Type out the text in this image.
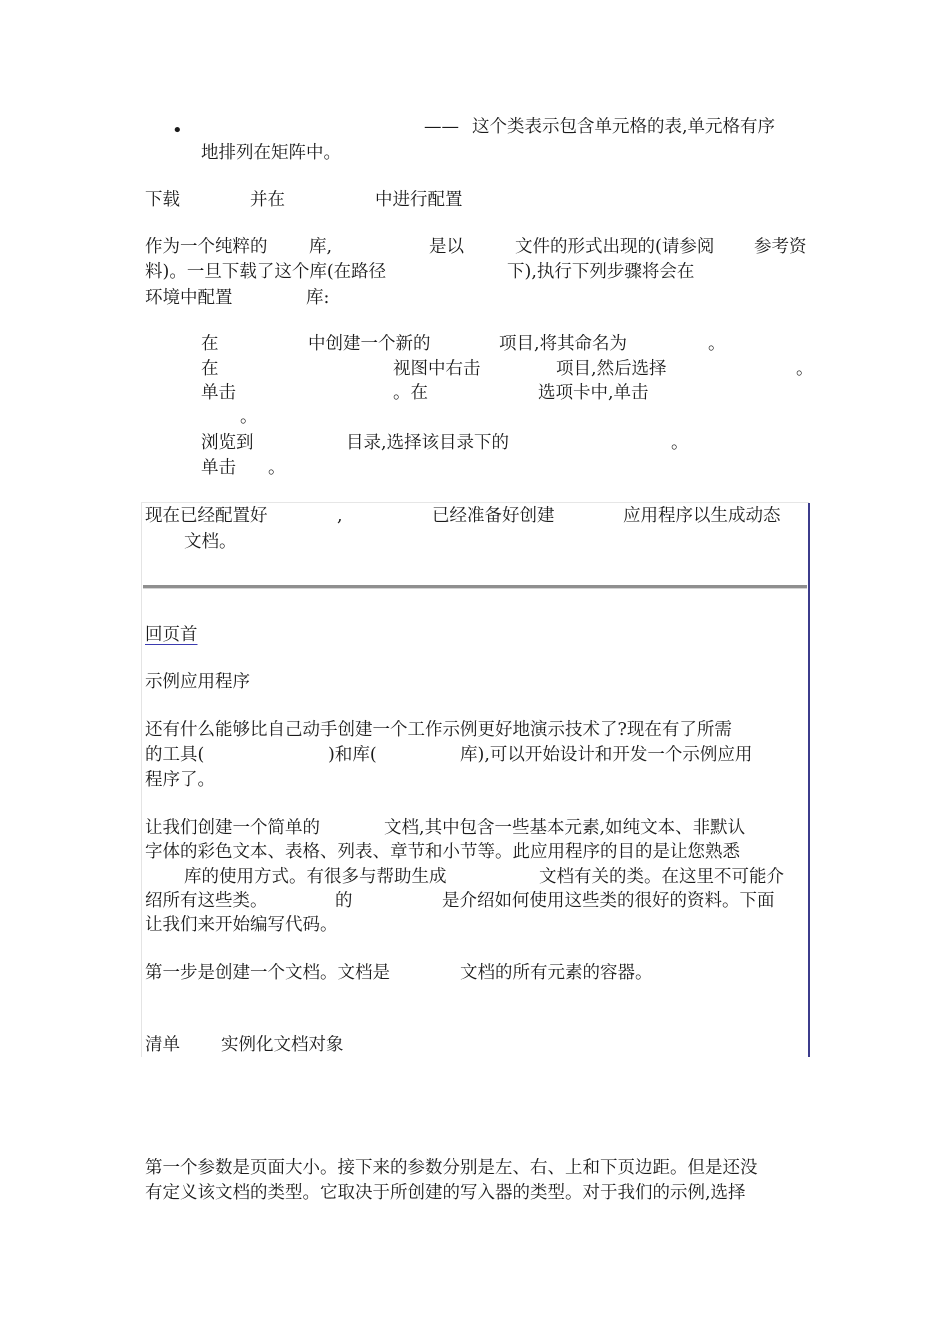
•	—— 这个类表示包含单元格的表,单元格有序
地排列在矩阵中。
下载	并在	中进行配置
作为一个纯粹的 库,	是以	文件的形式出现的(请参阅 参考资
料)。一旦下载了这个库(在路径	下),执行下列步骤将会在
环境中配置	库:
在	中创建一个新的	项目,将其命名为	。
在	视图中右击	项目,然后选择	。
单击	。在	选项卡中,单击
。
浏览到	目录,选择该目录下的	。
单击 。
现在已经配置好	,	已经准备好创建	应用程序以生成动态
文档。
回页首
示例应用程序
还有什么能够比自己动手创建一个工作示例更好地演示技术了?现在有了所需
的工具(	)和库(	库),可以开始设计和开发一个示例应用
程序了。
让我们创建一个简单的	文档,其中包含一些基本元素,如纯文本、非默认
字体的彩色文本、表格、列表、章节和小节等。此应用程序的目的是让您熟悉
库的使用方式。有很多与帮助生成	文档有关的类。在这里不可能介
绍所有这些类。	的	是介绍如何使用这些类的很好的资料。下面
让我们来开始编写代码。
第一步是创建一个文档。文档是	文档的所有元素的容器。
清单 实例化文档对象
第一个参数是页面大小。接下来的参数分别是左、右、上和下页边距。但是还没
有定义该文档的类型。它取决于所创建的写入器的类型。对于我们的示例,选择
